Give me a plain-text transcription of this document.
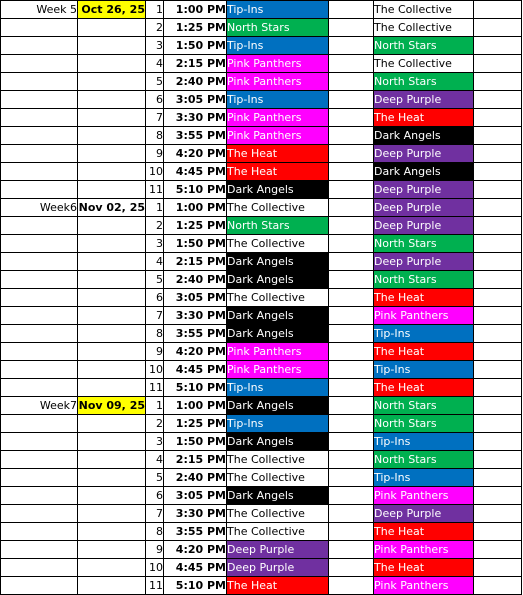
Week 5	Oct 26, 25	1	1:00 PM	Tip-Ins		The Collective	
		2	1:25 PM	North Stars		The Collective	
		3	1:50 PM	Tip-Ins		North Stars	
		4	2:15 PM	Pink Panthers		The Collective	
		5	2:40 PM	Pink Panthers		North Stars	
		6	3:05 PM	Tip-Ins		Deep Purple	
		7	3:30 PM	Pink Panthers		The Heat	
		8	3:55 PM	Pink Panthers		Dark Angels	
		9	4:20 PM	The Heat		Deep Purple	
		10	4:45 PM	The Heat		Dark Angels	
		11	5:10 PM	Dark Angels		Deep Purple	
Week6	Nov 02, 25	1	1:00 PM	The Collective		Deep Purple	
		2	1:25 PM	North Stars		Deep Purple	
		3	1:50 PM	The Collective		North Stars	
		4	2:15 PM	Dark Angels		Deep Purple	
		5	2:40 PM	Dark Angels		North Stars	
		6	3:05 PM	The Collective		The Heat	
		7	3:30 PM	Dark Angels		Pink Panthers	
		8	3:55 PM	Dark Angels		Tip-Ins	
		9	4:20 PM	Pink Panthers		The Heat	
		10	4:45 PM	Pink Panthers		Tip-Ins	
		11	5:10 PM	Tip-Ins		The Heat	
Week7	Nov 09, 25	1	1:00 PM	Dark Angels		North Stars	
		2	1:25 PM	Tip-Ins		North Stars	
		3	1:50 PM	Dark Angels		Tip-Ins	
		4	2:15 PM	The Collective		North Stars	
		5	2:40 PM	The Collective		Tip-Ins	
		6	3:05 PM	Dark Angels		Pink Panthers	
		7	3:30 PM	The Collective		Deep Purple	
		8	3:55 PM	The Collective		The Heat	
		9	4:20 PM	Deep Purple		Pink Panthers	
		10	4:45 PM	Deep Purple		The Heat	
		11	5:10 PM	The Heat		Pink Panthers	
